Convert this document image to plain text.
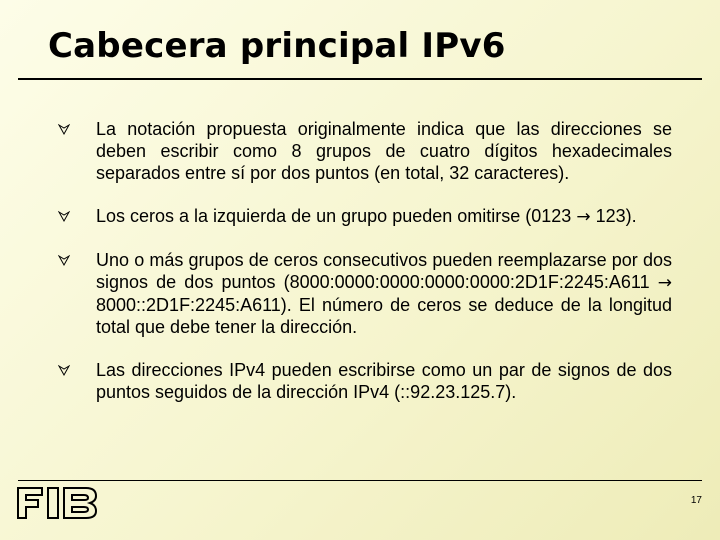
Cabecera principal IPv6
La notación propuesta originalmente indica que las direcciones se deben escribir como 8 grupos de cuatro dígitos hexadecimales separados entre sí por dos puntos (en total, 32 caracteres).
Los ceros a la izquierda de un grupo pueden omitirse (0123 → 123).
Uno o más grupos de ceros consecutivos pueden reemplazarse por dos signos de dos puntos (8000:0000:0000:0000:0000:2D1F:2245:A611 → 8000::2D1F:2245:A611). El número de ceros se deduce de la longitud total que debe tener la dirección.
Las direcciones IPv4 pueden escribirse como un par de signos de dos puntos seguidos de la dirección IPv4 (::92.23.125.7).
17
